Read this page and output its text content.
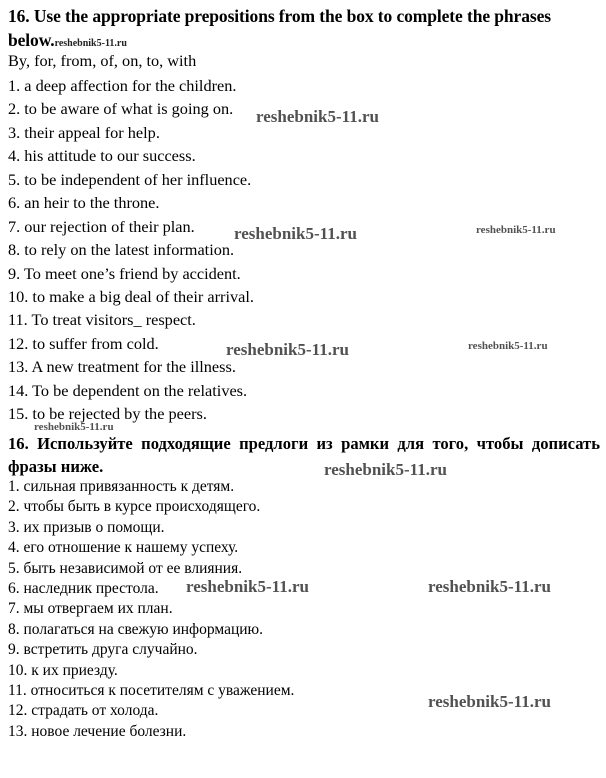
16. Use the appropriate prepositions from the box to complete the phrases
below.reshebnik5-11.ru
By, for, from, of, on, to, with
1. a deep affection for the children.
2. to be aware of what is going on.
3. their appeal for help.
4. his attitude to our success.
5. to be independent of her influence.
6. an heir to the throne.
7. our rejection of their plan.
8. to rely on the latest information.
9. To meet one’s friend by accident.
10. to make a big deal of their arrival.
11. To treat visitors_ respect.
12. to suffer from cold.
13. A new treatment for the illness.
14. To be dependent on the relatives.
15. to be rejected by the peers.
16. Используйте подходящие предлоги из рамки для того, чтобы дописать фразы ниже.
1. сильная привязанность к детям.
2. чтобы быть в курсе происходящего.
3. их призыв о помощи.
4. его отношение к нашему успеху.
5. быть независимой от ее влияния.
6. наследник престола.
7. мы отвергаем их план.
8. полагаться на свежую информацию.
9. встретить друга случайно.
10. к их приезду.
11. относиться к посетителям с уважением.
12. страдать от холода.
13. новое лечение болезни.
reshebnik5-11.ru
reshebnik5-11.ru	reshebnik5-11.ru
reshebnik5-11.ru	reshebnik5-11.ru
reshebnik5-11.ru
reshebnik5-11.ru
reshebnik5-11.ru	reshebnik5-11.ru
reshebnik5-11.ru
